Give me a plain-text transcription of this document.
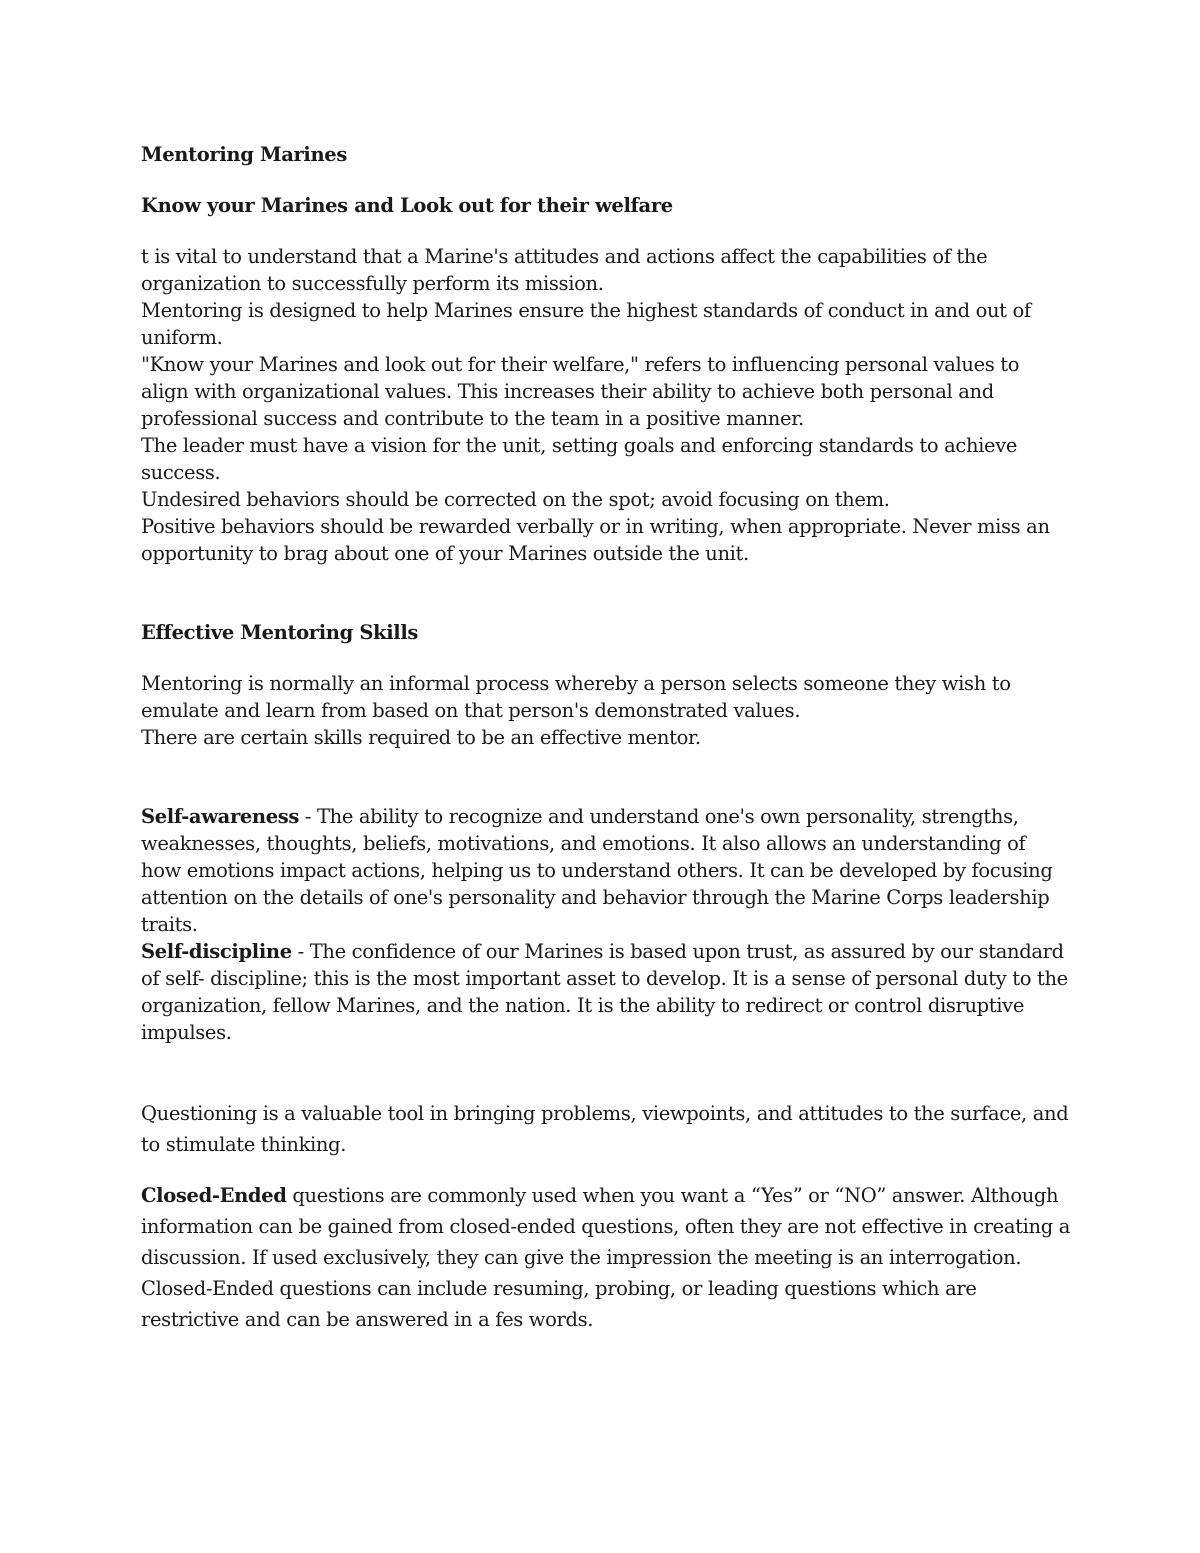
Mentoring Marines

Know your Marines and Look out for their welfare

t is vital to understand that a Marine's attitudes and actions affect the capabilities of the organization to successfully perform its mission.

Mentoring is designed to help Marines ensure the highest standards of conduct in and out of uniform.

"Know your Marines and look out for their welfare," refers to influencing personal values to align with organizational values. This increases their ability to achieve both personal and professional success and contribute to the team in a positive manner.

The leader must have a vision for the unit, setting goals and enforcing standards to achieve success.

Undesired behaviors should be corrected on the spot; avoid focusing on them.

Positive behaviors should be rewarded verbally or in writing, when appropriate. Never miss an opportunity to brag about one of your Marines outside the unit.

Effective Mentoring Skills

Mentoring is normally an informal process whereby a person selects someone they wish to emulate and learn from based on that person's demonstrated values.

There are certain skills required to be an effective mentor.

Self-awareness - The ability to recognize and understand one's own personality, strengths, weaknesses, thoughts, beliefs, motivations, and emotions. It also allows an understanding of how emotions impact actions, helping us to understand others. It can be developed by focusing attention on the details of one's personality and behavior through the Marine Corps leadership traits.

Self-discipline - The confidence of our Marines is based upon trust, as assured by our standard of self- discipline; this is the most important asset to develop. It is a sense of personal duty to the organization, fellow Marines, and the nation. It is the ability to redirect or control disruptive impulses.

Questioning is a valuable tool in bringing problems, viewpoints, and attitudes to the surface, and to stimulate thinking.

Closed-Ended questions are commonly used when you want a “Yes” or “NO” answer. Although information can be gained from closed-ended questions, often they are not effective in creating a discussion. If used exclusively, they can give the impression the meeting is an interrogation. Closed-Ended questions can include resuming, probing, or leading questions which are restrictive and can be answered in a fes words.
